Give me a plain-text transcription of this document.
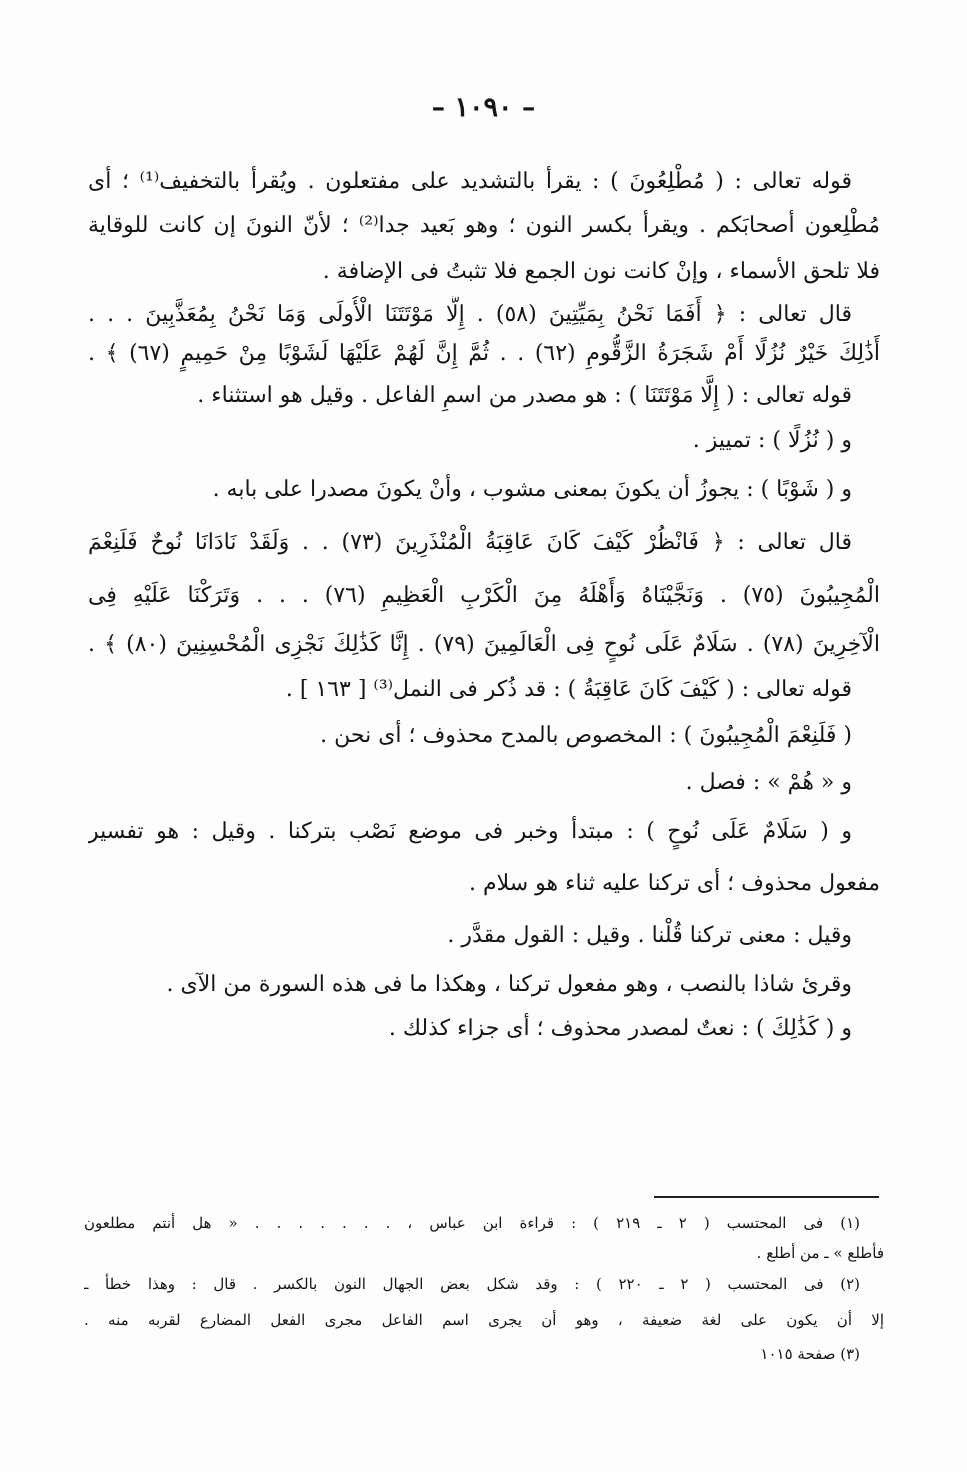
– ١٠٩٠ –

قوله تعالى : ( مُطْلِعُونَ ) : يقرأ بالتشديد على مفتعلون . ويُقرأ بالتخفيف⁽¹⁾ ؛ أى

مُطْلِعون أصحابَكم . ويقرأ بكسر النون ؛ وهو بَعيد جدا⁽²⁾ ؛ لأنّ النونَ إن كانت للوقاية

فلا تلحق الأسماء ، وإنْ كانت نون الجمع فلا تثبتُ فى الإضافة .

قال تعالى : ﴿ أَفَمَا نَحْنُ بِمَيِّتِينَ (٥٨) . إِلَّا مَوْتَتَنَا الْأُولَى وَمَا نَحْنُ بِمُعَذَّبِينَ . . .

أَذَٰلِكَ خَيْرٌ نُزُلًا أَمْ شَجَرَةُ الزَّقُّومِ (٦٢) . . ثُمَّ إِنَّ لَهُمْ عَلَيْهَا لَشَوْبًا مِنْ حَمِيمٍ (٦٧) ﴾ .

قوله تعالى : ( إِلَّا مَوْتَتَنَا ) : هو مصدر من اسمِ الفاعل . وقيل هو استثناء .

و ( نُزُلًا ) : تمييز .

و ( شَوْبًا ) : يجوزُ أن يكونَ بمعنى مشوب ، وأنْ يكونَ مصدرا على بابه .

قال تعالى : ﴿ فَانْظُرْ كَيْفَ كَانَ عَاقِبَةُ الْمُنْذَرِينَ (٧٣) . . وَلَقَدْ نَادَانَا نُوحٌ فَلَنِعْمَ

الْمُجِيبُونَ (٧٥) . وَنَجَّيْنَاهُ وَأَهْلَهُ مِنَ الْكَرْبِ الْعَظِيمِ (٧٦) . . . وَتَرَكْنَا عَلَيْهِ فِى

الْآخِرِينَ (٧٨) . سَلَامٌ عَلَى نُوحٍ فِى الْعَالَمِينَ (٧٩) . إِنَّا كَذَٰلِكَ نَجْزِى الْمُحْسِنِينَ (٨٠) ﴾ .

قوله تعالى : ( كَيْفَ كَانَ عَاقِبَةُ ) : قد ذُكر فى النمل⁽³⁾ [ ١٦٣ ] .

( فَلَنِعْمَ الْمُجِيبُونَ ) : المخصوص بالمدح محذوف ؛ أى نحن .

و « هُمْ » : فصل .

و ( سَلَامٌ عَلَى نُوحٍ ) : مبتدأ وخبر فى موضع نَصْب بتركنا . وقيل : هو تفسير

مفعول محذوف ؛ أى تركنا عليه ثناء هو سلام .

وقيل : معنى تركنا قُلْنا . وقيل : القول مقدَّر .

وقرئ شاذا بالنصب ، وهو مفعول تركنا ، وهكذا ما فى هذه السورة من الآى .

و ( كَذَٰلِكَ ) : نعتٌ لمصدر محذوف ؛ أى جزاء كذلك .

(١) فى المحتسب ( ٢ ـ ٢١٩ ) : قراءة ابن عباس ، . . . . . . . « هل أنتم مطلعون

فأطلع » ـ من أطلع .

(٢) فى المحتسب ( ٢ ـ ٢٢٠ ) : وقد شكل بعض الجهال النون بالكسر . قال : وهذا خطأ ـ

إلا أن يكون على لغة ضعيفة ، وهو أن يجرى اسم الفاعل مجرى الفعل المضارع لقربه منه .

(٣) صفحة ١٠١٥
